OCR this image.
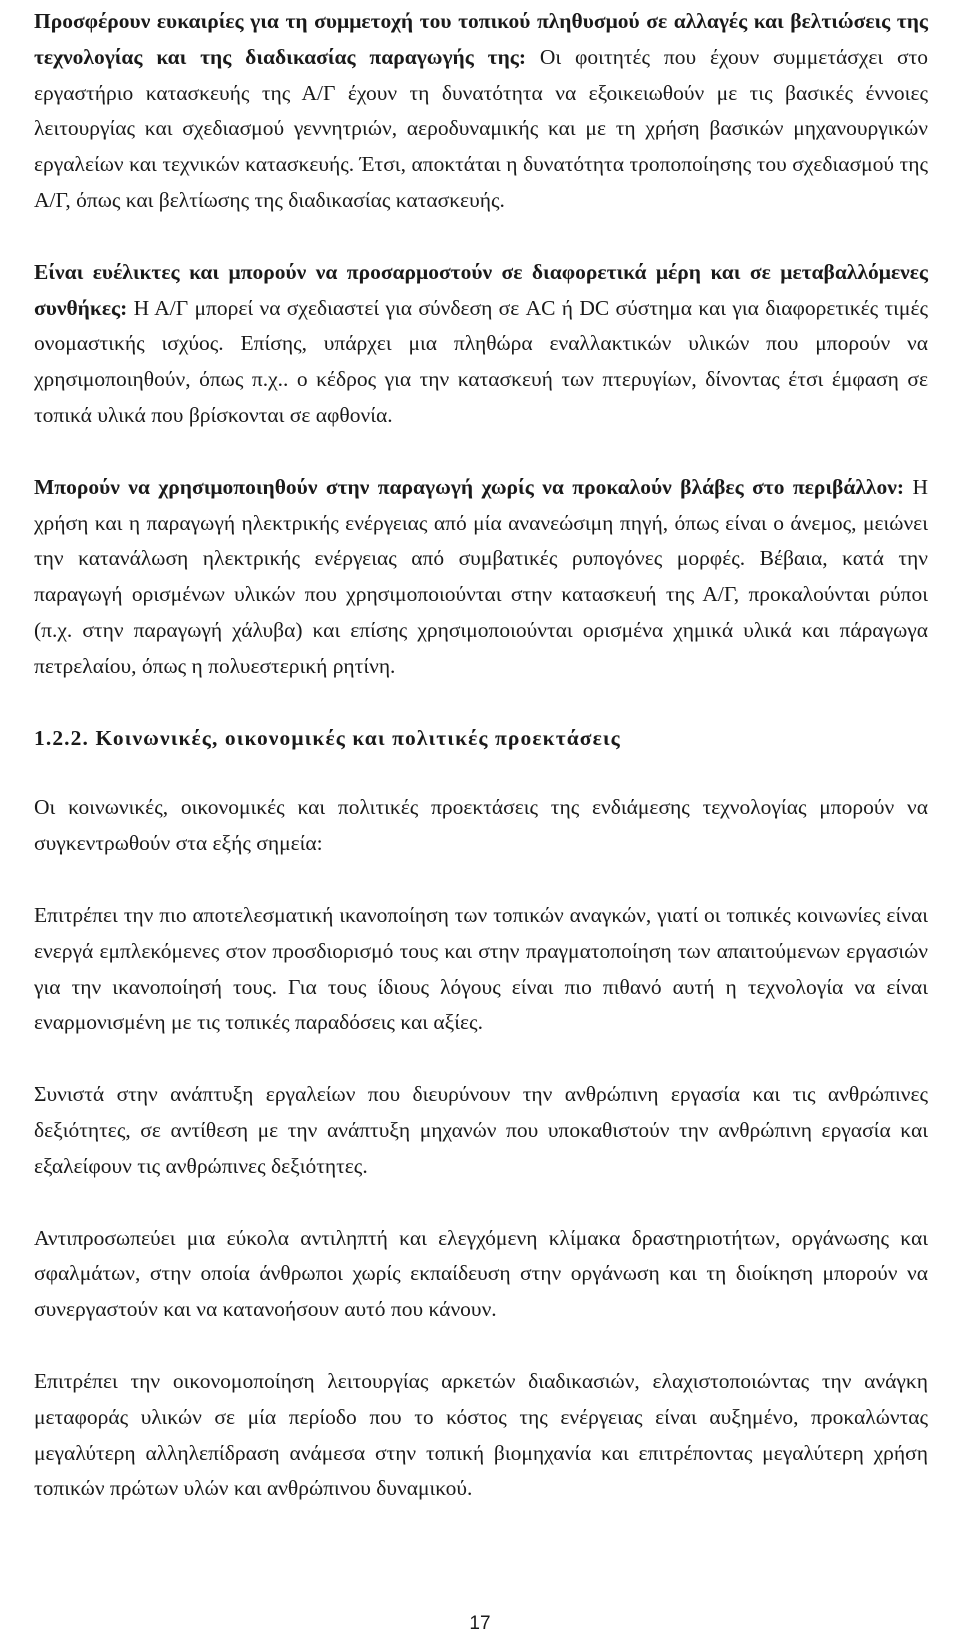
Προσφέρουν ευκαιρίες για τη συμμετοχή του τοπικού πληθυσμού σε αλλαγές και βελτιώσεις της τεχνολογίας και της διαδικασίας παραγωγής της: Οι φοιτητές που έχουν συμμετάσχει στο εργαστήριο κατασκευής της Α/Γ έχουν τη δυνατότητα να εξοικειωθούν με τις βασικές έννοιες λειτουργίας και σχεδιασμού γεννητριών, αεροδυναμικής και με τη χρήση βασικών μηχανουργικών εργαλείων και τεχνικών κατασκευής. Έτσι, αποκτάται η δυνατότητα τροποποίησης του σχεδιασμού της Α/Γ, όπως και βελτίωσης της διαδικασίας κατασκευής.

Είναι ευέλικτες και μπορούν να προσαρμοστούν σε διαφορετικά μέρη και σε μεταβαλλόμενες συνθήκες: Η Α/Γ μπορεί να σχεδιαστεί για σύνδεση σε AC ή DC σύστημα και για διαφορετικές τιμές ονομαστικής ισχύος. Επίσης, υπάρχει μια πληθώρα εναλλακτικών υλικών που μπορούν να χρησιμοποιηθούν, όπως π.χ.. ο κέδρος για την κατασκευή των πτερυγίων, δίνοντας έτσι έμφαση σε τοπικά υλικά που βρίσκονται σε αφθονία.

Μπορούν να χρησιμοποιηθούν στην παραγωγή χωρίς να προκαλούν βλάβες στο περιβάλλον: Η χρήση και η παραγωγή ηλεκτρικής ενέργειας από μία ανανεώσιμη πηγή, όπως είναι ο άνεμος, μειώνει την κατανάλωση ηλεκτρικής ενέργειας από συμβατικές ρυπογόνες μορφές. Βέβαια, κατά την παραγωγή ορισμένων υλικών που χρησιμοποιούνται στην κατασκευή της Α/Γ, προκαλούνται ρύποι (π.χ. στην παραγωγή χάλυβα) και επίσης χρησιμοποιούνται ορισμένα χημικά υλικά και πάραγωγα πετρελαίου, όπως η πολυεστερική ρητίνη.

1.2.2. Κοινωνικές, οικονομικές και πολιτικές προεκτάσεις

Οι κοινωνικές, οικονομικές και πολιτικές προεκτάσεις της ενδιάμεσης τεχνολογίας μπορούν να συγκεντρωθούν στα εξής σημεία:

Επιτρέπει την πιο αποτελεσματική ικανοποίηση των τοπικών αναγκών, γιατί οι τοπικές κοινωνίες είναι ενεργά εμπλεκόμενες στον προσδιορισμό τους και στην πραγματοποίηση των απαιτούμενων εργασιών για την ικανοποίησή τους. Για τους ίδιους λόγους είναι πιο πιθανό αυτή η τεχνολογία να είναι εναρμονισμένη με τις τοπικές παραδόσεις και αξίες.

Συνιστά στην ανάπτυξη εργαλείων που διευρύνουν την ανθρώπινη εργασία και τις ανθρώπινες δεξιότητες, σε αντίθεση με την ανάπτυξη μηχανών που υποκαθιστούν την ανθρώπινη εργασία και εξαλείφουν τις ανθρώπινες δεξιότητες.

Αντιπροσωπεύει μια εύκολα αντιληπτή και ελεγχόμενη κλίμακα δραστηριοτήτων, οργάνωσης και σφαλμάτων, στην οποία άνθρωποι χωρίς εκπαίδευση στην οργάνωση και τη διοίκηση μπορούν να συνεργαστούν και να κατανοήσουν αυτό που κάνουν.

Επιτρέπει την οικονομοποίηση λειτουργίας αρκετών διαδικασιών, ελαχιστοποιώντας την ανάγκη μεταφοράς υλικών σε μία περίοδο που το κόστος της ενέργειας είναι αυξημένο, προκαλώντας μεγαλύτερη αλληλεπίδραση ανάμεσα στην τοπική βιομηχανία και επιτρέποντας μεγαλύτερη χρήση τοπικών πρώτων υλών και ανθρώπινου δυναμικού.

17
